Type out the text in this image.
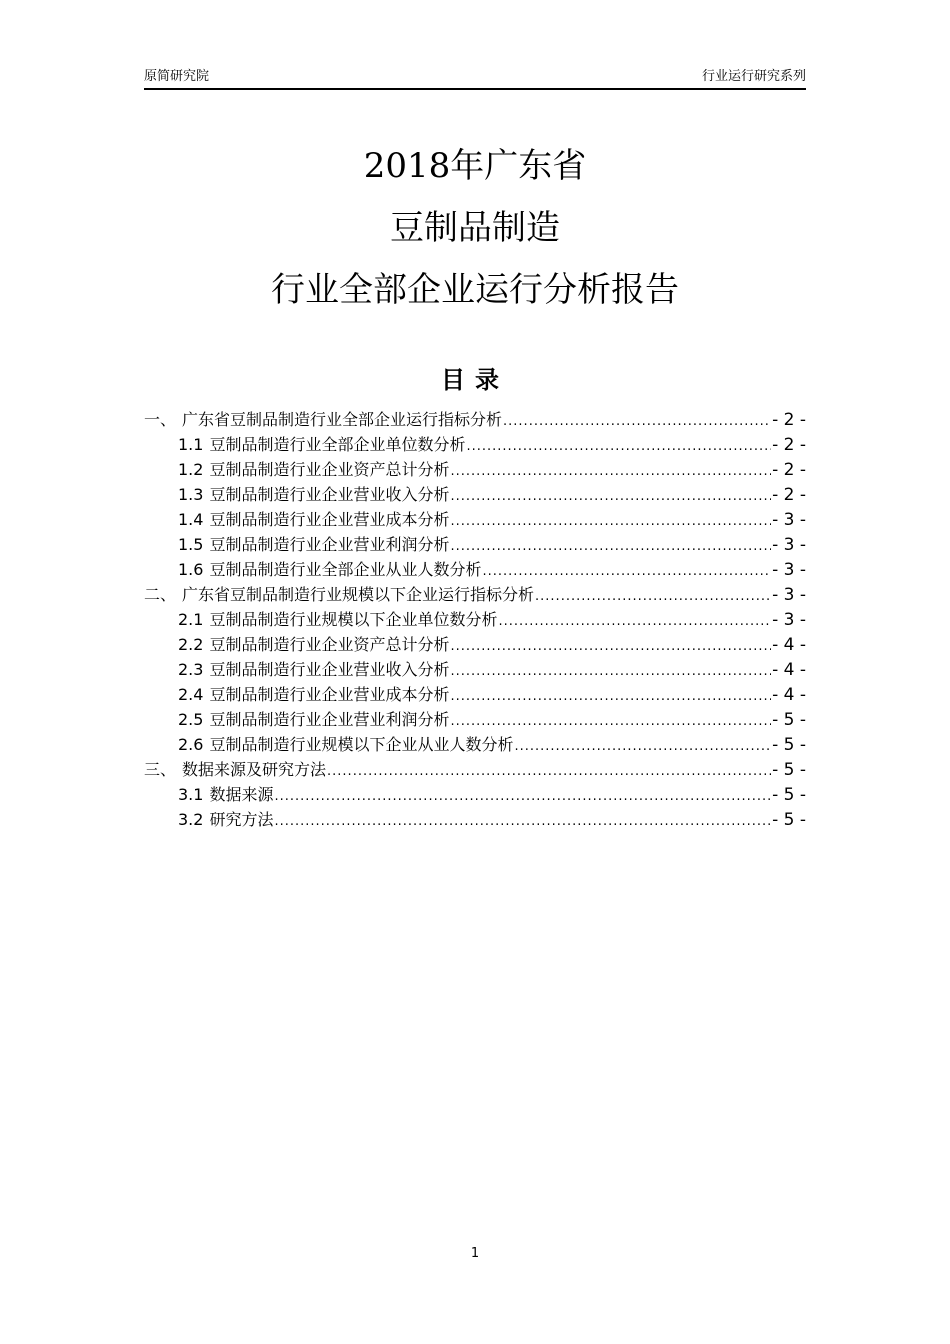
原简研究院	行业运行研究系列
2018年广东省
豆制品制造
行业全部企业运行分析报告
目录
一、 广东省豆制品制造行业全部企业运行指标分析 .....	- 2 -
1.1 豆制品制造行业全部企业单位数分析 .....	- 2 -
1.2 豆制品制造行业企业资产总计分析 .....	- 2 -
1.3 豆制品制造行业企业营业收入分析 .....	- 2 -
1.4 豆制品制造行业企业营业成本分析 .....	- 3 -
1.5 豆制品制造行业企业营业利润分析 .....	- 3 -
1.6 豆制品制造行业全部企业从业人数分析 .....	- 3 -
二、 广东省豆制品制造行业规模以下企业运行指标分析 .....	- 3 -
2.1 豆制品制造行业规模以下企业单位数分析 .....	- 3 -
2.2 豆制品制造行业企业资产总计分析 .....	- 4 -
2.3 豆制品制造行业企业营业收入分析 .....	- 4 -
2.4 豆制品制造行业企业营业成本分析 .....	- 4 -
2.5 豆制品制造行业企业营业利润分析 .....	- 5 -
2.6 豆制品制造行业规模以下企业从业人数分析 .....	- 5 -
三、 数据来源及研究方法 .....	- 5 -
3.1 数据来源 .....	- 5 -
3.2 研究方法 .....	- 5 -
1
